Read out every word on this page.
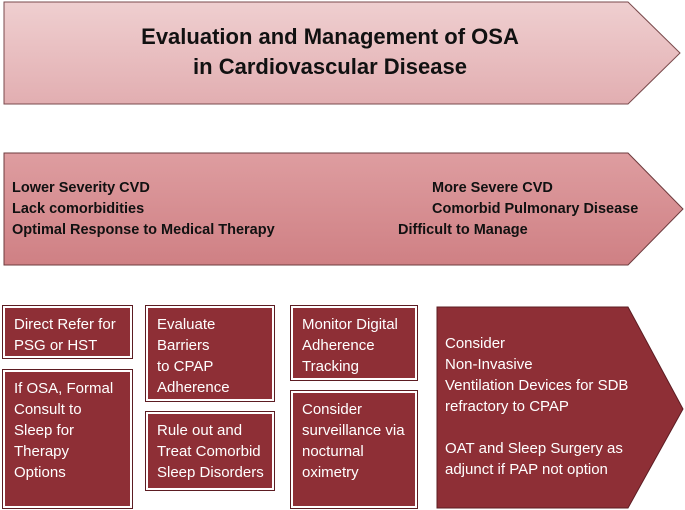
Evaluation and Management of OSA
in Cardiovascular Disease
Lower Severity CVD
Lack comorbidities
Optimal Response to Medical Therapy
More Severe CVD
Comorbid Pulmonary Disease
Difficult to Manage
Direct Refer for
PSG or HST
If OSA, Formal
Consult to
Sleep for
Therapy
Options
Evaluate
Barriers
to CPAP
Adherence
Rule out and
Treat Comorbid
Sleep Disorders
Monitor Digital
Adherence
Tracking
Consider
surveillance via
nocturnal
oximetry
Consider
Non-Invasive
Ventilation Devices for SDB
refractory to CPAP
OAT and Sleep Surgery as
adjunct if PAP not option
